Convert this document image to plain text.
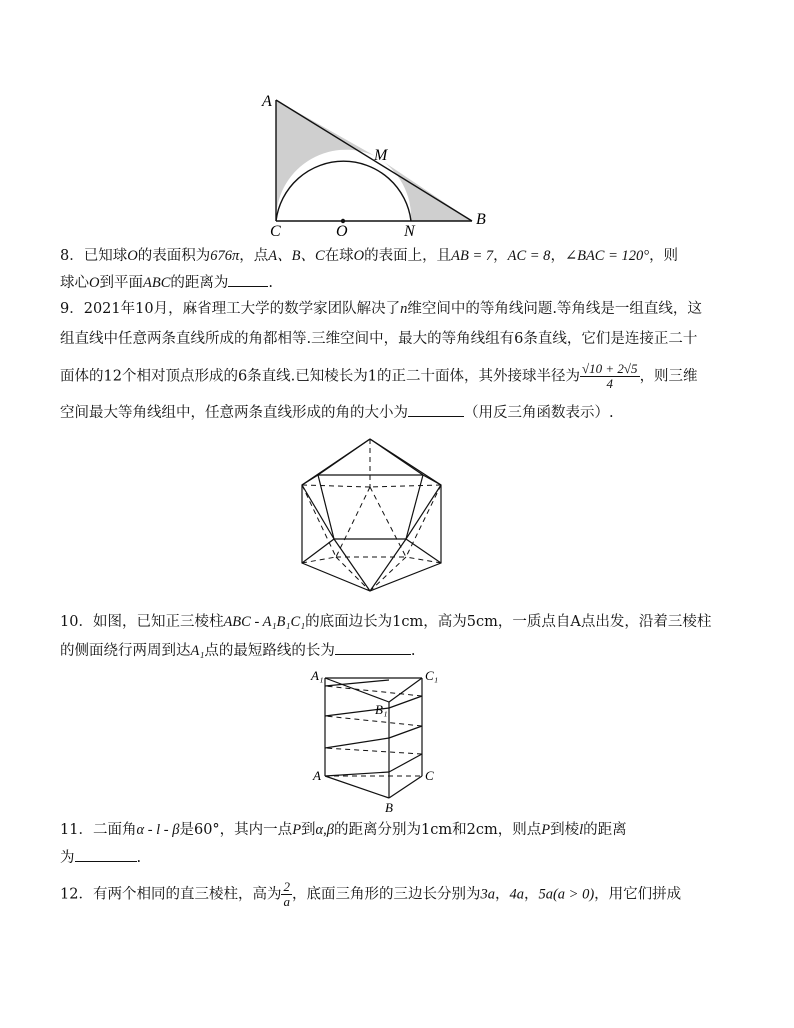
A
M
B
C	O	N
8．已知球O的表面积为676π，点A、B、C在球O的表面上，且AB = 7，AC = 8，∠BAC = 120°，则
球心O到平面ABC的距离为	.
9．2021年10月，麻省理工大学的数学家团队解决了n维空间中的等角线问题.等角线是一组直线，这
组直线中任意两条直线所成的角都相等.三维空间中，最大的等角线组有6条直线，它们是连接正二十
面体的12个相对顶点形成的6条直线.已知棱长为1的正二十面体，其外接球半径为 $\frac{√10 + 2√5}{4}$ ，则三维
空间最大等角线组中，任意两条直线形成的角的大小为	（用反三角函数表示）.
10．如图，已知正三棱柱ABC - A₁B₁C₁的底面边长为1cm，高为5cm，一质点自A点出发，沿着三棱柱
的侧面绕行两周到达A₁点的最短路线的长为	.
A₁	C₁
B₁
A	C
B
11．二面角α - l - β是60°，其内一点P到α,β的距离分别为1cm和2cm，则点P到棱l的距离
为	.
12．有两个相同的直三棱柱，高为 $\frac{2}{a}$ ，底面三角形的三边长分别为3a，4a，5a(a > 0)，用它们拼成
